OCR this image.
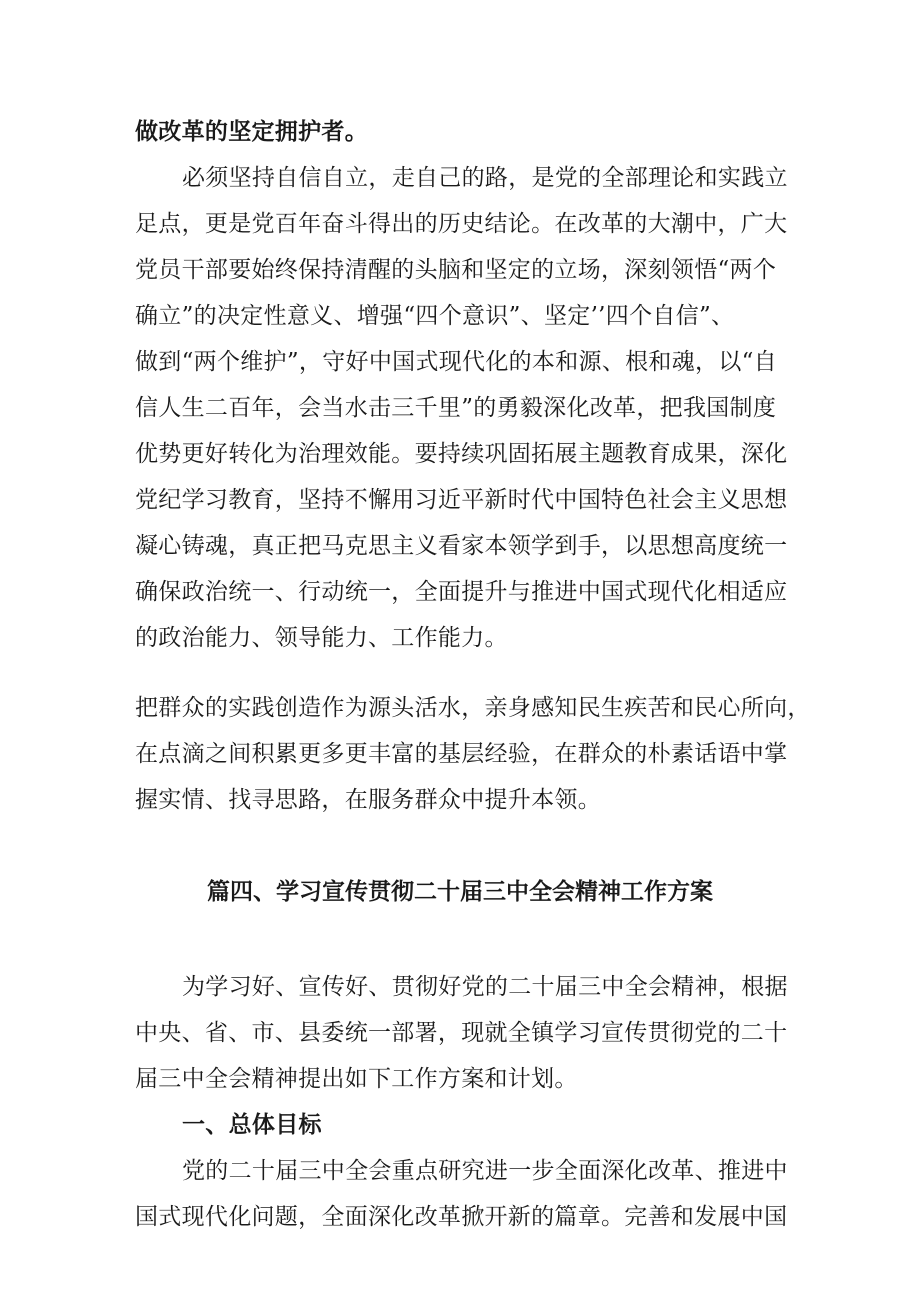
做改革的坚定拥护者。
必须坚持自信自立，走自己的路，是党的全部理论和实践立
足点，更是党百年奋斗得出的历史结论。在改革的大潮中，广大
党员干部要始终保持清醒的头脑和坚定的立场，深刻领悟“两个
确立”的决定性意义、增强“四个意识”、坚定’’四个自信”、
做到“两个维护”，守好中国式现代化的本和源、根和魂，以“自
信人生二百年，会当水击三千里”的勇毅深化改革，把我国制度
优势更好转化为治理效能。要持续巩固拓展主题教育成果，深化
党纪学习教育，坚持不懈用习近平新时代中国特色社会主义思想
凝心铸魂，真正把马克思主义看家本领学到手，以思想高度统一
确保政治统一、行动统一，全面提升与推进中国式现代化相适应
的政治能力、领导能力、工作能力。
把群众的实践创造作为源头活水，亲身感知民生疾苦和民心所向，
在点滴之间积累更多更丰富的基层经验，在群众的朴素话语中掌
握实情、找寻思路，在服务群众中提升本领。
篇四、学习宣传贯彻二十届三中全会精神工作方案
为学习好、宣传好、贯彻好党的二十届三中全会精神，根据
中央、省、市、县委统一部署，现就全镇学习宣传贯彻党的二十
届三中全会精神提出如下工作方案和计划。
一、总体目标
党的二十届三中全会重点研究进一步全面深化改革、推进中
国式现代化问题，全面深化改革掀开新的篇章。完善和发展中国
